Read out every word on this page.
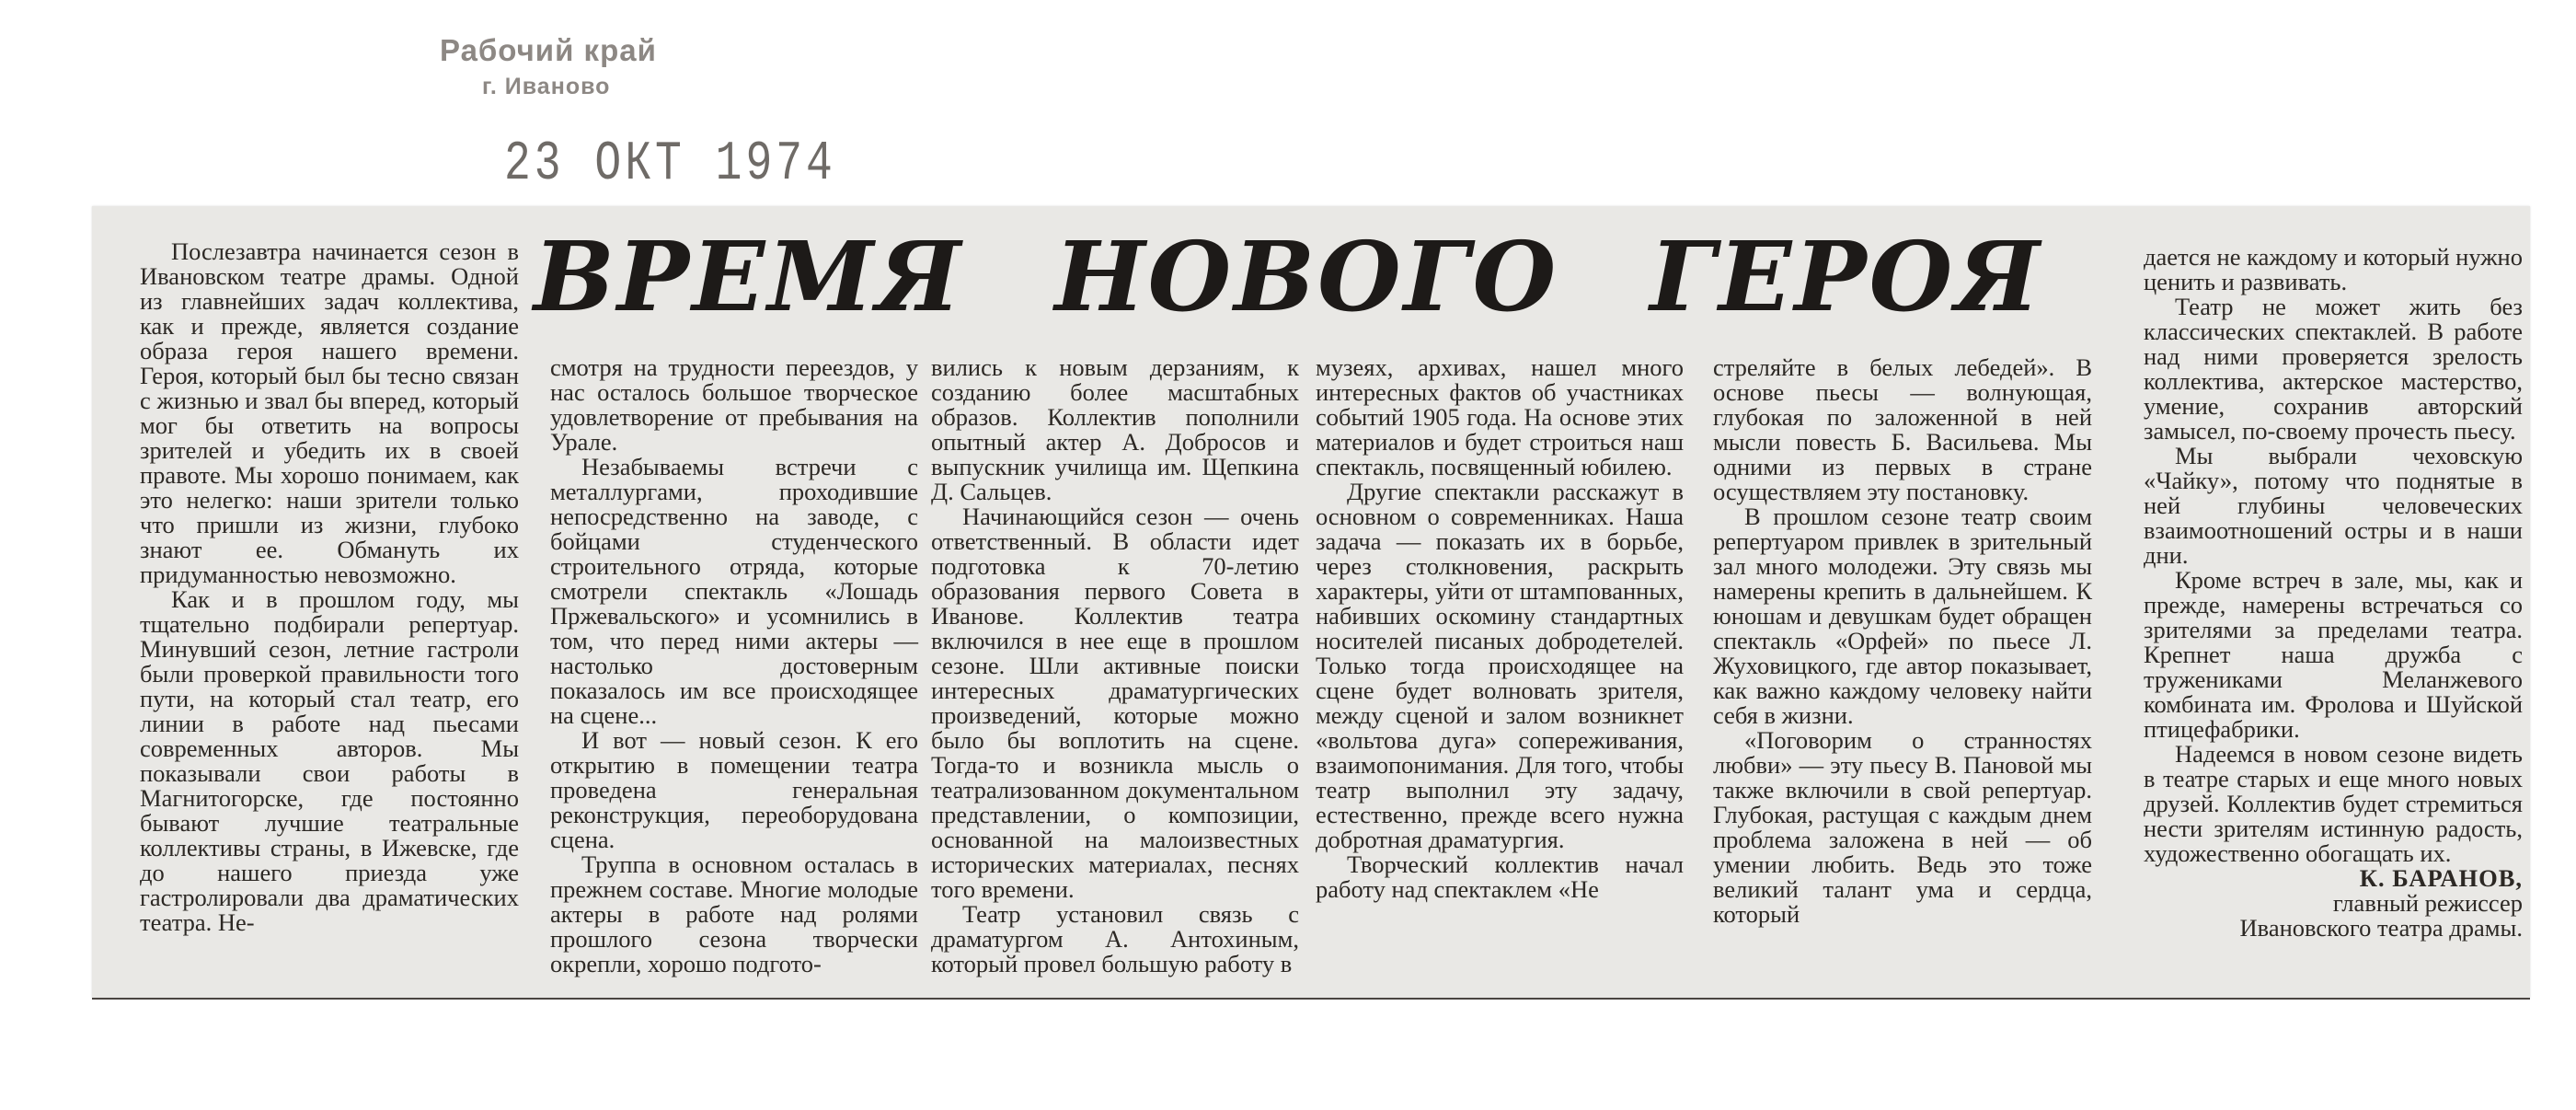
Рабочий край
г. Иваново
23 ОКТ 1974
ВРЕМЯ НОВОГО ГЕРОЯ

Послезавтра начинается сезон в Ивановском театре драмы. Одной из главнейших задач коллектива, как и прежде, является создание образа героя нашего времени. Героя, который был бы тесно связан с жизнью и звал бы вперед, который мог бы ответить на вопросы зрителей и убедить их в своей правоте. Мы хорошо понимаем, как это нелегко: наши зрители только что пришли из жизни, глубоко знают ее. Обмануть их придуманностью невозможно.

Как и в прошлом году, мы тщательно подбирали репертуар. Минувший сезон, летние гастроли были проверкой правильности того пути, на который стал театр, его линии в работе над пьесами современных авторов. Мы показывали свои работы в Магнитогорске, где постоянно бывают лучшие театральные коллективы страны, в Ижевске, где до нашего приезда уже гастролировали два драматических театра. Не-

смотря на трудности переездов, у нас осталось большое творческое удовлетворение от пребывания на Урале.

Незабываемы встречи с металлургами, проходившие непосредственно на заводе, с бойцами студенческого строительного отряда, которые смотрели спектакль «Лошадь Пржевальского» и усомнились в том, что перед ними актеры — настолько достоверным показалось им все происходящее на сцене...

И вот — новый сезон. К его открытию в помещении театра проведена генеральная реконструкция, переоборудована сцена.

Труппа в основном осталась в прежнем составе. Многие молодые актеры в работе над ролями прошлого сезона творчески окрепли, хорошо подгото-

вились к новым дерзаниям, к созданию более масштабных образов. Коллектив пополнили опытный актер А. Добросов и выпускник училища им. Щепкина Д. Сальцев.

Начинающийся сезон — очень ответственный. В области идет подготовка к 70-летию образования первого Совета в Иванове. Коллектив театра включился в нее еще в прошлом сезоне. Шли активные поиски интересных драматургических произведений, которые можно было бы воплотить на сцене. Тогда-то и возникла мысль о театрализованном документальном представлении, о композиции, основанной на малоизвестных исторических материалах, песнях того времени.

Театр установил связь с драматургом А. Антохиным, который провел большую работу в

музеях, архивах, нашел много интересных фактов об участниках событий 1905 года. На основе этих материалов и будет строиться наш спектакль, посвященный юбилею.

Другие спектакли расскажут в основном о современниках. Наша задача — показать их в борьбе, через столкновения, раскрыть характеры, уйти от штампованных, набивших оскомину стандартных носителей писаных добродетелей. Только тогда происходящее на сцене будет волновать зрителя, между сценой и залом возникнет «вольтова дуга» сопереживания, взаимопонимания. Для того, чтобы театр выполнил эту задачу, естественно, прежде всего нужна добротная драматургия.

Творческий коллектив начал работу над спектаклем «Не

стреляйте в белых лебедей». В основе пьесы — волнующая, глубокая по заложенной в ней мысли повесть Б. Васильева. Мы одними из первых в стране осуществляем эту постановку.

В прошлом сезоне театр своим репертуаром привлек в зрительный зал много молодежи. Эту связь мы намерены крепить в дальнейшем. К юношам и девушкам будет обращен спектакль «Орфей» по пьесе Л. Жуховицкого, где автор показывает, как важно каждому человеку найти себя в жизни.

«Поговорим о странностях любви» — эту пьесу В. Пановой мы также включили в свой репертуар. Глубокая, растущая с каждым днем проблема заложена в ней — об умении любить. Ведь это тоже великий талант ума и сердца, который

дается не каждому и который нужно ценить и развивать.

Театр не может жить без классических спектаклей. В работе над ними проверяется зрелость коллектива, актерское мастерство, умение, сохранив авторский замысел, по-своему прочесть пьесу.

Мы выбрали чеховскую «Чайку», потому что поднятые в ней глубины человеческих взаимоотношений остры и в наши дни.

Кроме встреч в зале, мы, как и прежде, намерены встречаться со зрителями за пределами театра. Крепнет наша дружба с тружениками Меланжевого комбината им. Фролова и Шуйской птицефабрики.

Надеемся в новом сезоне видеть в театре старых и еще много новых друзей. Коллектив будет стремиться нести зрителям истинную радость, художественно обогащать их.

К. БАРАНОВ,

главный режиссер

Ивановского театра драмы.
